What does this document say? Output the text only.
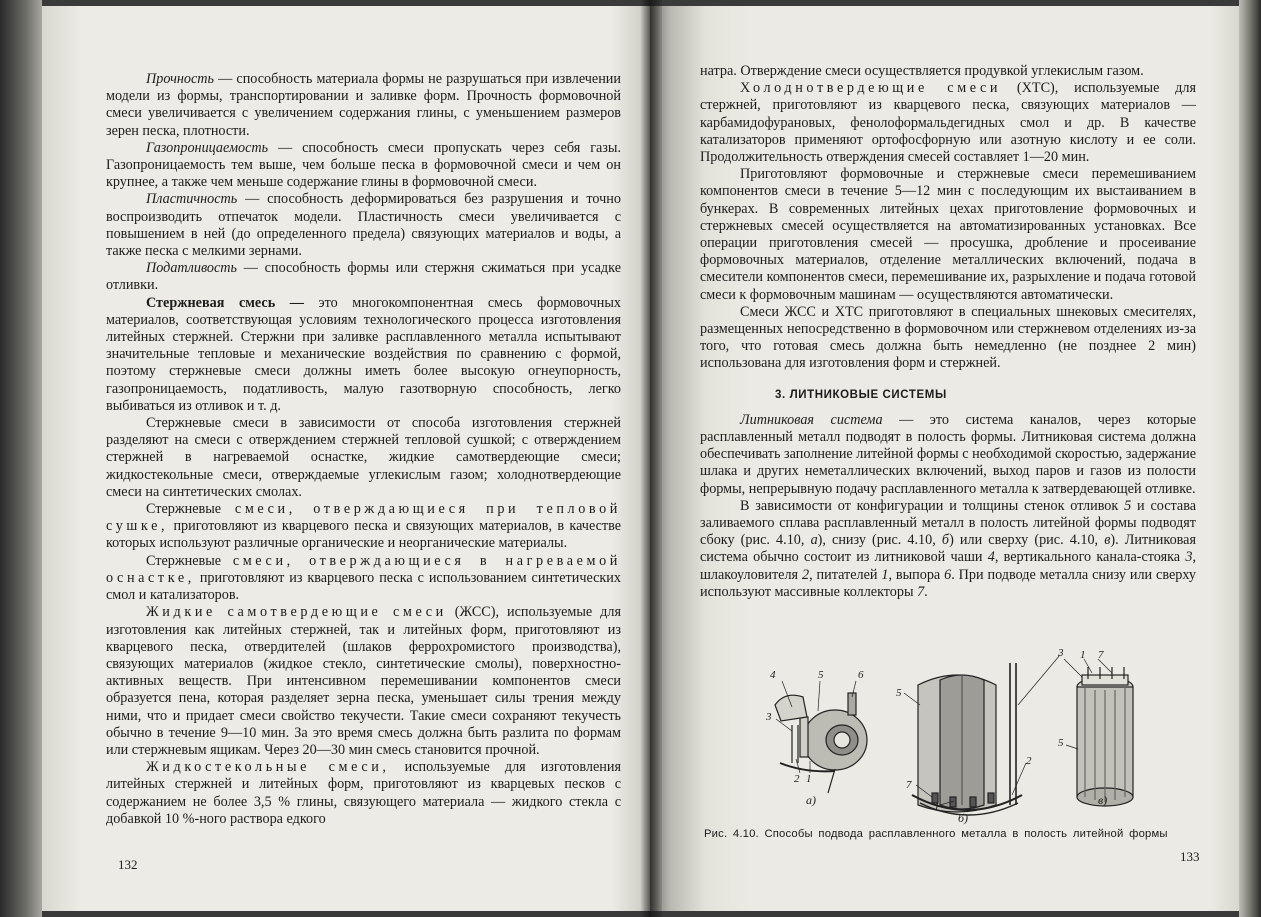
Прочность — способность материала формы не разрушаться при извлечении модели из формы, транспортировании и заливке форм. Прочность формовочной смеси увеличивается с увеличением содержания глины, с уменьшением размеров зерен песка, плотности.

Газопроницаемость — способность смеси пропускать через себя газы. Газопроницаемость тем выше, чем больше песка в формовочной смеси и чем он крупнее, а также чем меньше содержание глины в формовочной смеси.

Пластичность — способность деформироваться без разрушения и точно воспроизводить отпечаток модели. Пластичность смеси увеличивается с повышением в ней (до определенного предела) связующих материалов и воды, а также песка с мелкими зернами.

Податливость — способность формы или стержня сжиматься при усадке отливки.

Стержневая смесь — это многокомпонентная смесь формовочных материалов, соответствующая условиям технологического процесса изготовления литейных стержней. Стержни при заливке расплавленного металла испытывают значительные тепловые и механические воздействия по сравнению с формой, поэтому стержневые смеси должны иметь более высокую огнеупорность, газопроницаемость, податливость, малую газотворную способность, легко выбиваться из отливок и т. д.

Стержневые смеси в зависимости от способа изготовления стержней разделяют на смеси с отверждением стержней тепловой сушкой; с отверждением стержней в нагреваемой оснастке, жидкие самотвердеющие смеси; жидкостекольные смеси, отверждаемые углекислым газом; холоднотвердеющие смеси на синтетических смолах.

Стержневые смеси, отверждающиеся при тепловой сушке, приготовляют из кварцевого песка и связующих материалов, в качестве которых используют различные органические и неорганические материалы.

Стержневые смеси, отверждающиеся в нагреваемой оснастке, приготовляют из кварцевого песка с использованием синтетических смол и катализаторов.

Жидкие самотвердеющие смеси (ЖСС), используемые для изготовления как литейных стержней, так и литейных форм, приготовляют из кварцевого песка, отвердителей (шлаков феррохромистого производства), связующих материалов (жидкое стекло, синтетические смолы), поверхностно-активных веществ. При интенсивном перемешивании компонентов смеси образуется пена, которая разделяет зерна песка, уменьшает силы трения между ними, что и придает смеси свойство текучести. Такие смеси сохраняют текучесть обычно в течение 9—10 мин. За это время смесь должна быть разлита по формам или стержневым ящикам. Через 20—30 мин смесь становится прочной.

Жидкостекольные смеси, используемые для изготовления литейных стержней и литейных форм, приготовляют из кварцевых песков с содержанием не более 3,5 % глины, связующего материала — жидкого стекла с добавкой 10 %-ного раствора едкого

132

натра. Отверждение смеси осуществляется продувкой углекислым газом.

Холоднотвердеющие смеси (ХТС), используемые для стержней, приготовляют из кварцевого песка, связующих материалов — карбамидофурановых, фенолоформальдегидных смол и др. В качестве катализаторов применяют ортофосфорную или азотную кислоту и ее соли. Продолжительность отверждения смесей составляет 1—20 мин.

Приготовляют формовочные и стержневые смеси перемешиванием компонентов смеси в течение 5—12 мин с последующим их выстаиванием в бункерах. В современных литейных цехах приготовление формовочных и стержневых смесей осуществляется на автоматизированных установках. Все операции приготовления смесей — просушка, дробление и просеивание формовочных материалов, отделение металлических включений, подача в смесители компонентов смеси, перемешивание их, разрыхление и подача готовой смеси к формовочным машинам — осуществляются автоматически.

Смеси ЖСС и ХТС приготовляют в специальных шнековых смесителях, размещенных непосредственно в формовочном или стержневом отделениях из-за того, что готовая смесь должна быть немедленно (не позднее 2 мин) использована для изготовления форм и стержней.

3. ЛИТНИКОВЫЕ СИСТЕМЫ

Литниковая система — это система каналов, через которые расплавленный металл подводят в полость формы. Литниковая система должна обеспечивать заполнение литейной формы с необходимой скоростью, задержание шлака и других неметаллических включений, выход паров и газов из полости формы, непрерывную подачу расплавленного металла к затвердевающей отливке.

В зависимости от конфигурации и толщины стенок отливок 5 и состава заливаемого сплава расплавленный металл в полость литейной формы подводят сбоку (рис. 4.10, а), снизу (рис. 4.10, б) или сверху (рис. 4.10, в). Литниковая система обычно состоит из литниковой чаши 4, вертикального канала-стояка 3, шлакоуловителя 2, питателей 1, выпора 6. При подводе металла снизу или сверху используют массивные коллекторы 7.

4	5	6
3
2 1
а)
5
2
7
1
б)
3 1 7
5
в)
Рис. 4.10. Способы подвода расплавленного металла в полость литейной формы
133
